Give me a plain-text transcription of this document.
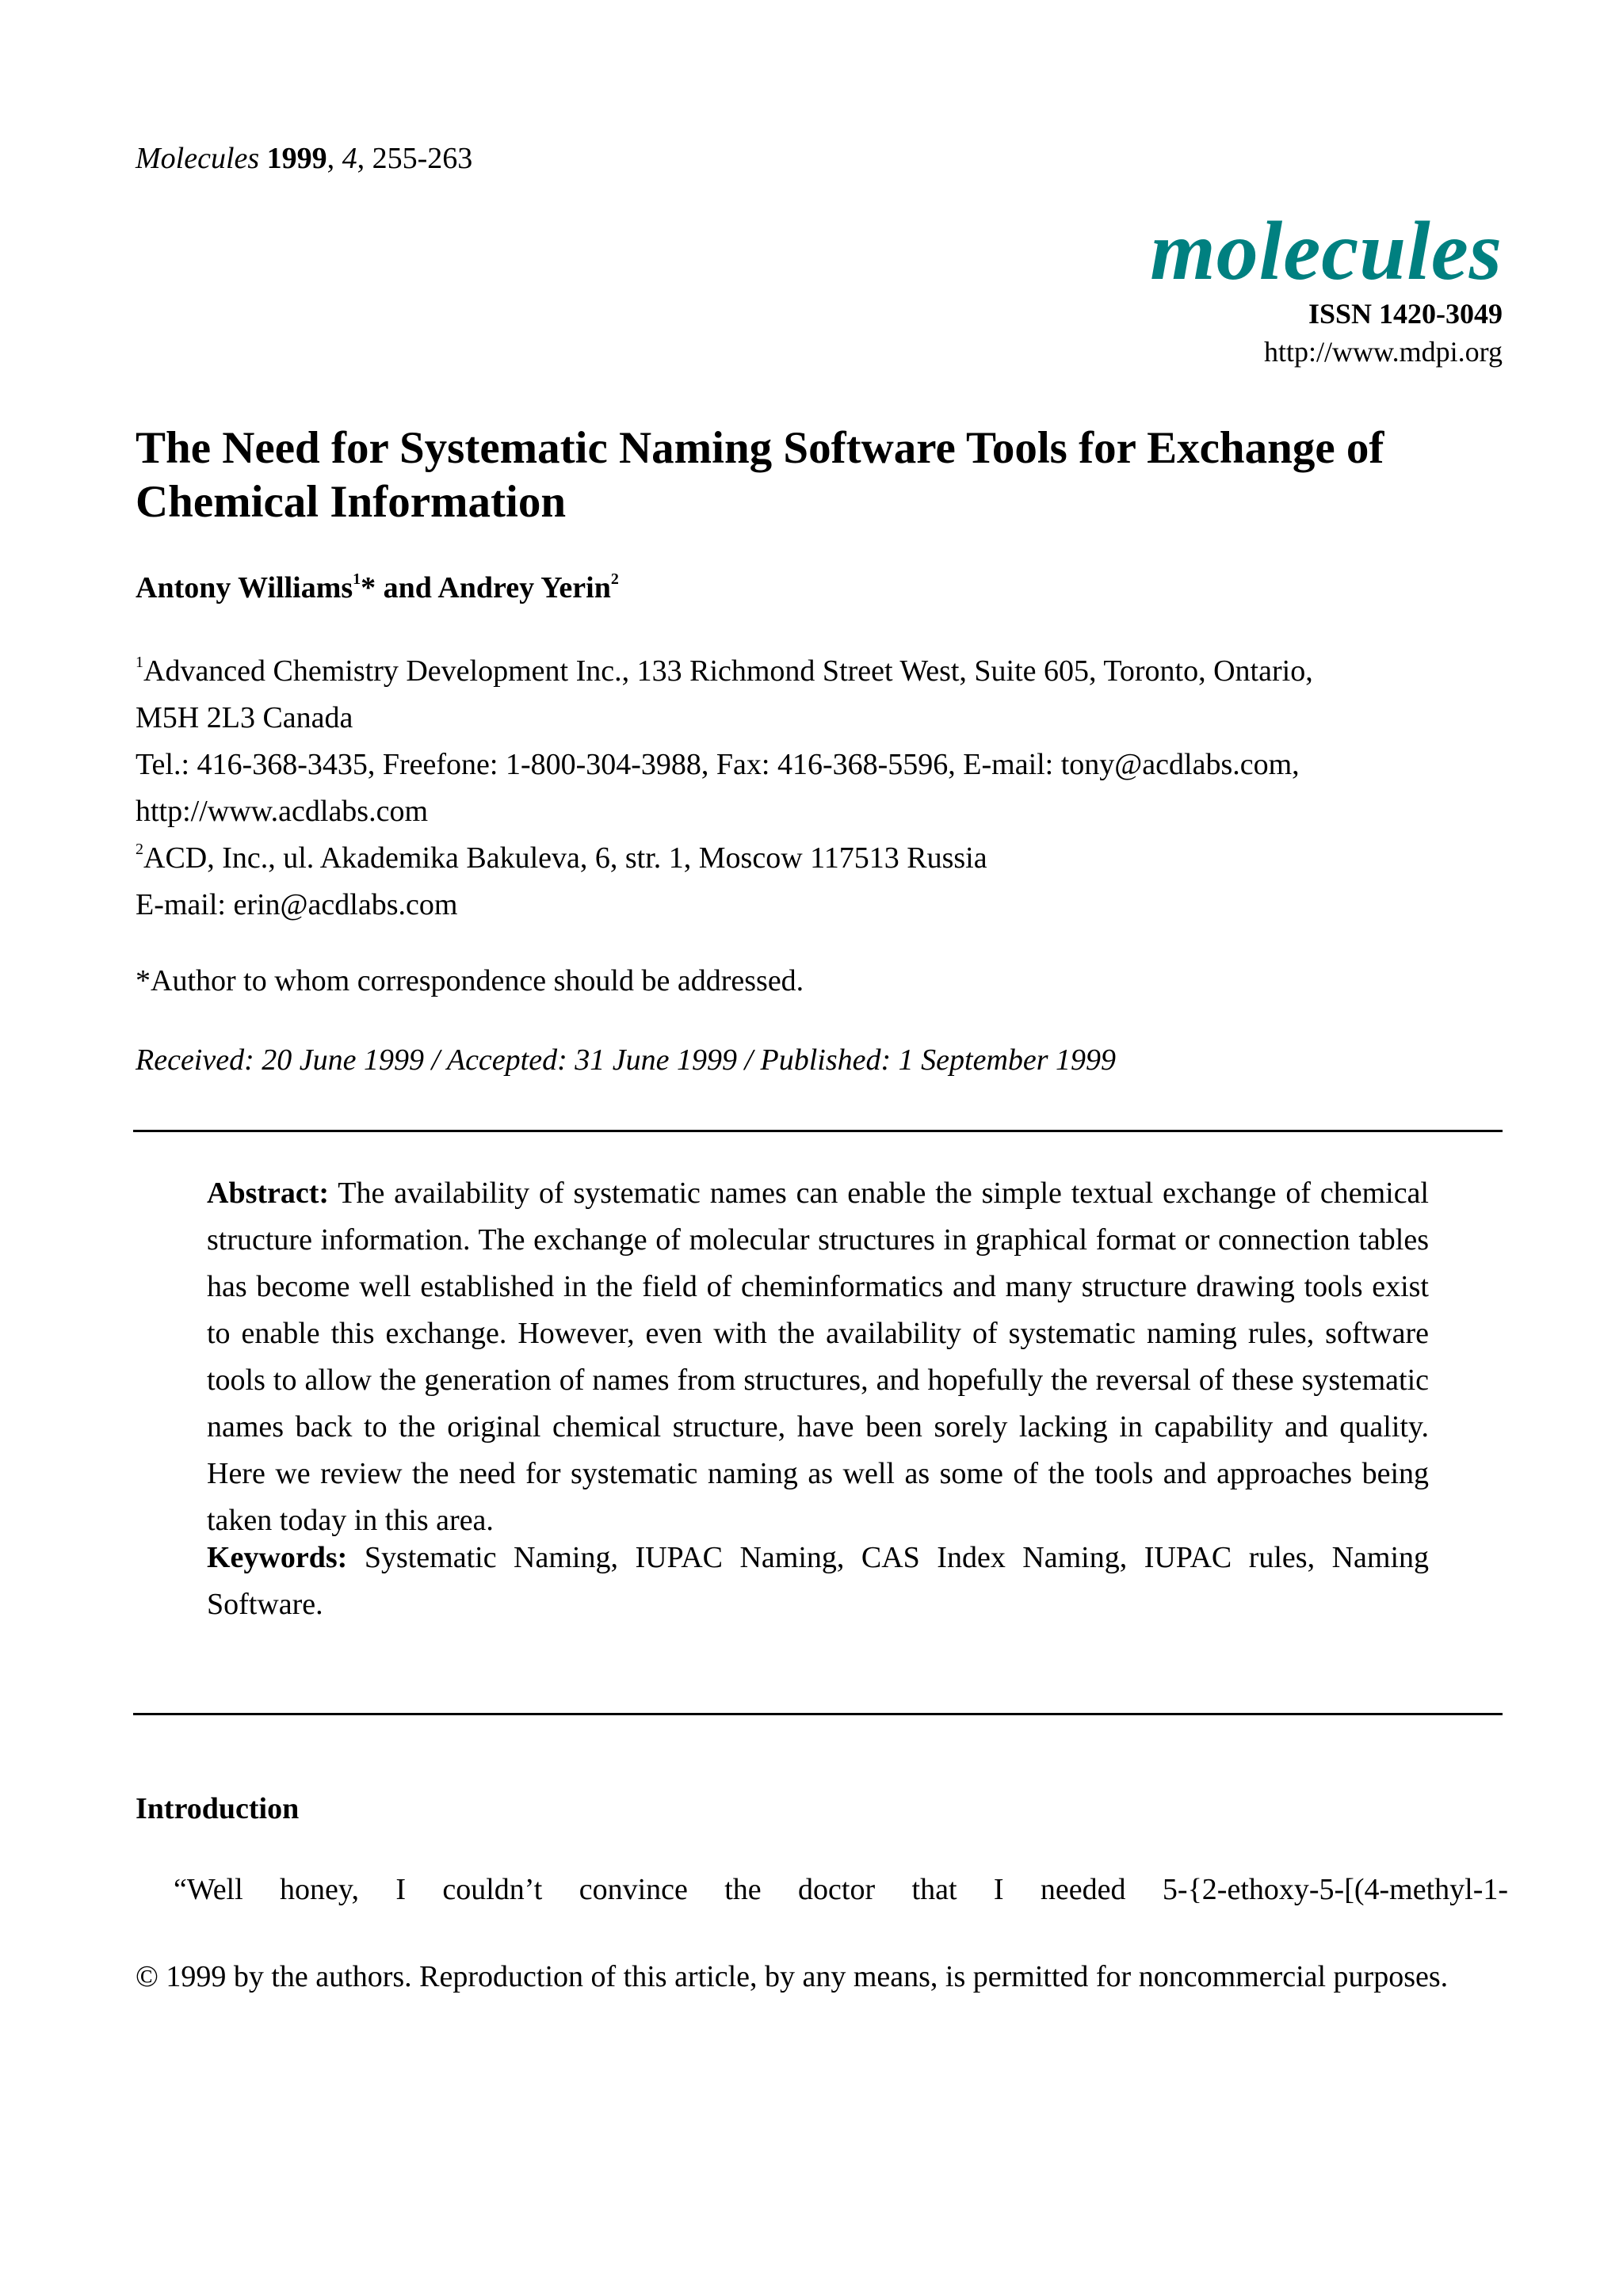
Molecules 1999, 4, 255-263
molecules
ISSN 1420-3049
http://www.mdpi.org
The Need for Systematic Naming Software Tools for Exchange of Chemical Information
Antony Williams$^1$* and Andrey Yerin$^2$
$^1$Advanced Chemistry Development Inc., 133 Richmond Street West, Suite 605, Toronto, Ontario,
M5H 2L3 Canada
Tel.: 416-368-3435, Freefone: 1-800-304-3988, Fax: 416-368-5596, E-mail: tony@acdlabs.com,
http://www.acdlabs.com
$^2$ACD, Inc., ul. Akademika Bakuleva, 6, str. 1, Moscow 117513 Russia
E-mail: erin@acdlabs.com
*Author to whom correspondence should be addressed.
Received: 20 June 1999 / Accepted: 31 June 1999 / Published: 1 September 1999
Abstract: The availability of systematic names can enable the simple textual exchange of chemical structure information. The exchange of molecular structures in graphical format or connection tables has become well established in the field of cheminformatics and many structure drawing tools exist to enable this exchange. However, even with the availability of systematic naming rules, software tools to allow the generation of names from structures, and hopefully the reversal of these systematic names back to the original chemical structure, have been sorely lacking in capability and quality. Here we review the need for systematic naming as well as some of the tools and approaches being taken today in this area.
Keywords: Systematic Naming, IUPAC Naming, CAS Index Naming, IUPAC rules, Naming Software.
Introduction
“Well honey, I couldn’t convince the doctor that I needed 5-{2-ethoxy-5-[(4-methyl-1-
© 1999 by the authors. Reproduction of this article, by any means, is permitted for noncommercial purposes.
